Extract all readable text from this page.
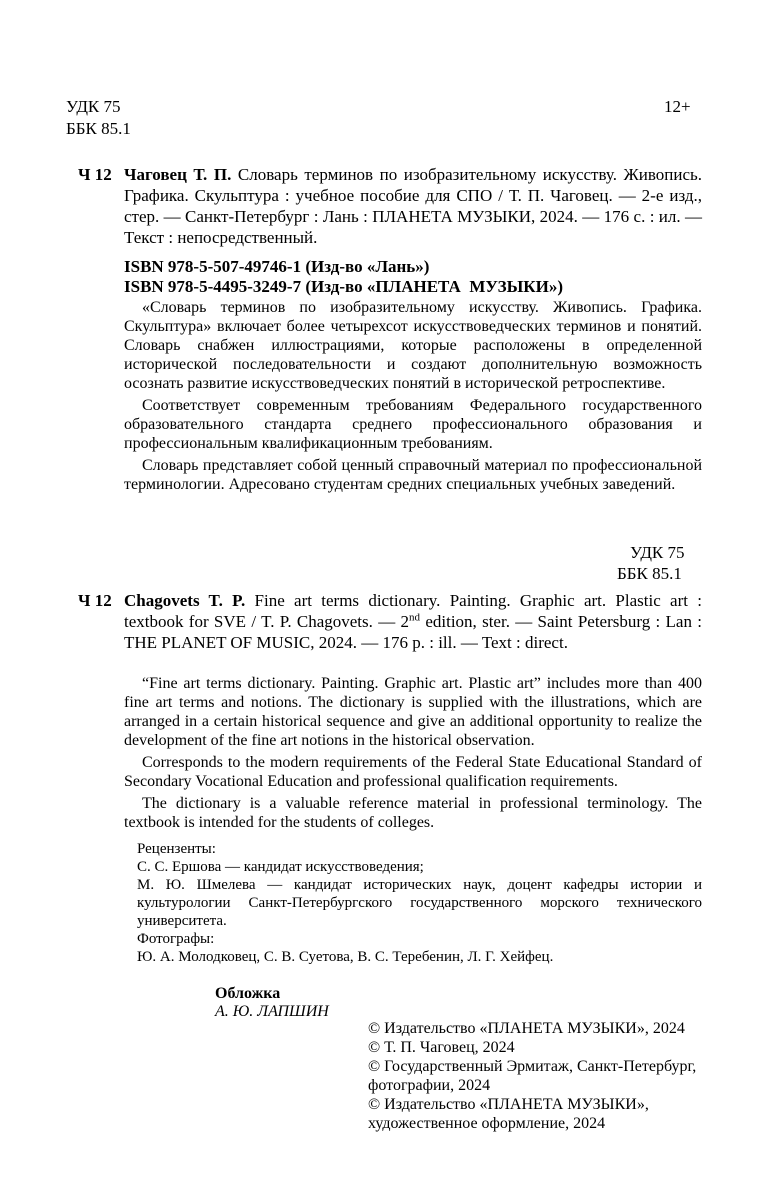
УДК 75
ББК 85.1
12+
Ч 12 Чаговец Т. П. Словарь терминов по изобразительному искусству. Живопись. Графика. Скульптура : учебное пособие для СПО / Т. П. Чаговец. — 2-е изд., стер. — Санкт-Петербург : Лань : ПЛАНЕТА МУЗЫКИ, 2024. — 176 с. : ил. — Текст : непосредственный.
ISBN 978-5-507-49746-1 (Изд-во «Лань»)
ISBN 978-5-4495-3249-7 (Изд-во «ПЛАНЕТА  МУЗЫКИ»)

«Словарь терминов по изобразительному искусству. Живопись. Графика. Скульптура» включает более четырехсот искусствоведческих терминов и понятий. Словарь снабжен иллюстрациями, которые расположены в определенной исторической последовательности и создают дополнительную возможность осознать развитие искусствоведческих понятий в исторической ретроспективе.

Соответствует современным требованиям Федерального государственного образовательного стандарта среднего профессионального образования и профессиональным квалификационным требованиям.

Словарь представляет собой ценный справочный материал по профессиональной терминологии. Адресовано студентам средних специальных учебных заведений.

УДК 75
ББК 85.1
Ч 12 Chagovets T. P. Fine art terms dictionary. Painting. Graphic art. Plastic art : textbook for SVE / T. P. Chagovets. — 2nd edition, ster. — Saint Petersburg : Lan : THE PLANET OF MUSIC, 2024. — 176 p. : ill. — Text : direct.

“Fine art terms dictionary. Painting. Graphic art. Plastic art” includes more than 400 fine art terms and notions. The dictionary is supplied with the illustrations, which are arranged in a certain historical sequence and give an additional opportunity to realize the development of the fine art notions in the historical observation.

Corresponds to the modern requirements of the Federal State Educational Standard of Secondary Vocational Education and professional qualification requirements.

The dictionary is a valuable reference material in professional terminology. The textbook is intended for the students of colleges.

Рецензенты:

С. С. Ершова — кандидат искусствоведения;

М. Ю. Шмелева — кандидат исторических наук, доцент кафедры истории и культурологии Санкт-Петербургского государственного морского технического университета.

Фотографы:

Ю. А. Молодковец, С. В. Суетова, В. С. Теребенин, Л. Г. Хейфец.

Обложка
А. Ю. ЛАПШИН

© Издательство «ПЛАНЕТА МУЗЫКИ», 2024

© Т. П. Чаговец, 2024

© Государственный Эрмитаж, Санкт-Петербург, фотографии, 2024

© Издательство «ПЛАНЕТА МУЗЫКИ», художественное оформление, 2024
